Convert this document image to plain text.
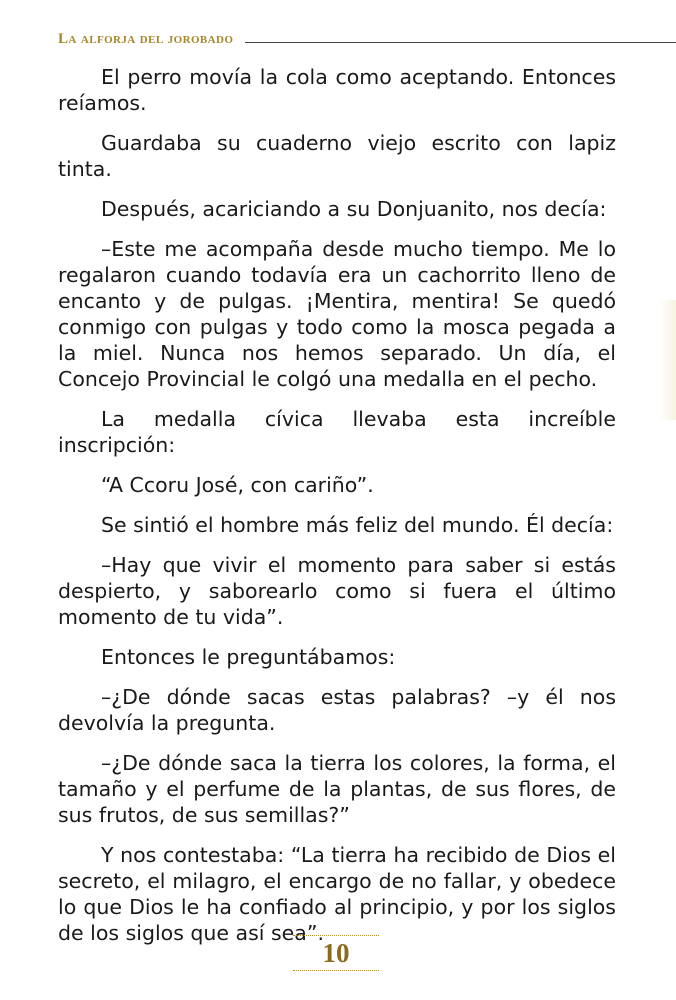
La alforja del jorobado

El perro movía la cola como aceptando. Entonces reíamos.

Guardaba su cuaderno viejo escrito con lapiz tinta.

Después, acariciando a su Donjuanito, nos decía:

–Este me acompaña desde mucho tiempo. Me lo regalaron cuando todavía era un cachorrito lleno de encanto y de pulgas. ¡Mentira, mentira! Se quedó conmigo con pulgas y todo como la mosca pegada a la miel. Nunca nos hemos separado. Un día, el Concejo Provincial le colgó una medalla en el pecho.

La medalla cívica llevaba esta increíble inscripción:

“A Ccoru José, con cariño”.

Se sintió el hombre más feliz del mundo. Él decía:

–Hay que vivir el momento para saber si estás despierto, y saborearlo como si fuera el último momento de tu vida”.

Entonces le preguntábamos:

–¿De dónde sacas estas palabras? –y él nos devolvía la pregunta.

–¿De dónde saca la tierra los colores, la forma, el tamaño y el perfume de la plantas, de sus flores, de sus frutos, de sus semillas?”

Y nos contestaba: “La tierra ha recibido de Dios el secreto, el milagro, el encargo de no fallar, y obedece lo que Dios le ha confiado al principio, y por los siglos de los siglos que así sea”.

10
